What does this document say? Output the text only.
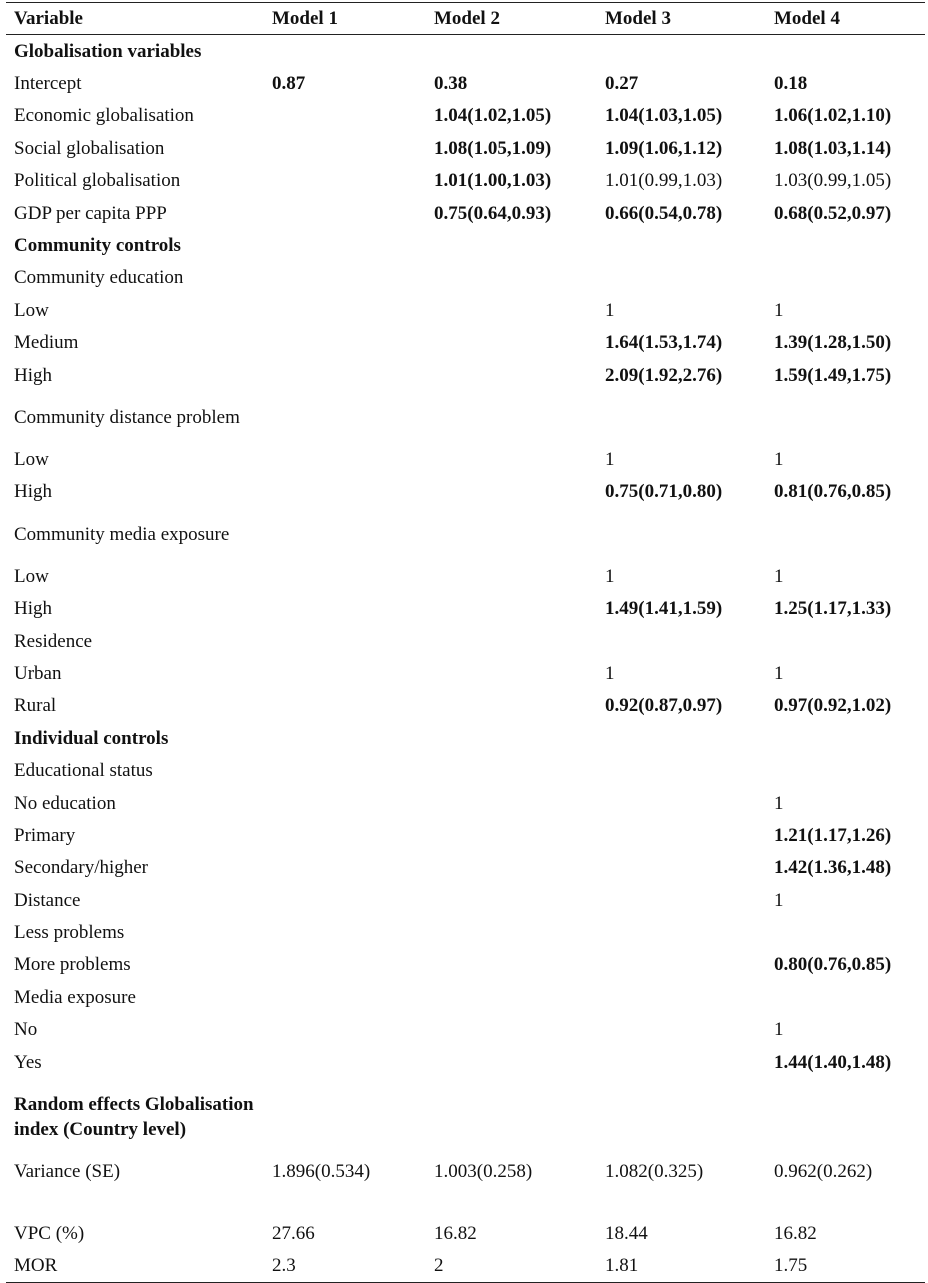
Variable	Model 1	Model 2	Model 3	Model 4
Globalisation variables				
Intercept	0.87	0.38	0.27	0.18
Economic globalisation		1.04(1.02,1.05)	1.04(1.03,1.05)	1.06(1.02,1.10)
Social globalisation		1.08(1.05,1.09)	1.09(1.06,1.12)	1.08(1.03,1.14)
Political globalisation		1.01(1.00,1.03)	1.01(0.99,1.03)	1.03(0.99,1.05)
GDP per capita PPP		0.75(0.64,0.93)	0.66(0.54,0.78)	0.68(0.52,0.97)
Community controls				
Community education				
Low			1	1
Medium			1.64(1.53,1.74)	1.39(1.28,1.50)
High			2.09(1.92,2.76)	1.59(1.49,1.75)
Community distance problem				
Low			1	1
High			0.75(0.71,0.80)	0.81(0.76,0.85)
Community media exposure				
Low			1	1
High			1.49(1.41,1.59)	1.25(1.17,1.33)
Residence				
Urban			1	1
Rural			0.92(0.87,0.97)	0.97(0.92,1.02)
Individual controls				
Educational status				
No education				1
Primary				1.21(1.17,1.26)
Secondary/higher				1.42(1.36,1.48)
Distance				1
Less problems				
More problems				0.80(0.76,0.85)
Media exposure				
No				1
Yes				1.44(1.40,1.48)
Random effects Globalisation index (Country level)				
Variance (SE)	1.896(0.534)	1.003(0.258)	1.082(0.325)	0.962(0.262)
VPC (%)	27.66	16.82	18.44	16.82
MOR	2.3	2	1.81	1.75
